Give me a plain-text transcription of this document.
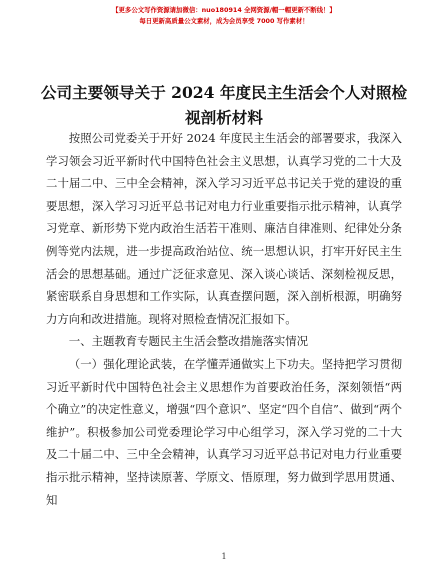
【更多公文写作资源请加微信：nuo180914 全网资源/帽一帽更新不断线！】
每日更新高质量公文素材，成为会员享受 7000 写作素材！
公司主要领导关于 2024 年度民主生活会个人对照检视剖析材料

按照公司党委关于开好 2024 年度民主生活会的部署要求，我深入学习领会习近平新时代中国特色社会主义思想，认真学习党的二十大及二十届二中、三中全会精神，深入学习习近平总书记关于党的建设的重要思想，深入学习习近平总书记对电力行业重要指示批示精神，认真学习党章、新形势下党内政治生活若干准则、廉洁自律准则、纪律处分条例等党内法规，进一步提高政治站位、统一思想认识，打牢开好民主生活会的思想基础。通过广泛征求意见、深入谈心谈话、深刻检视反思，紧密联系自身思想和工作实际，认真查摆问题，深入剖析根源，明确努力方向和改进措施。现将对照检查情况汇报如下。

一、主题教育专题民主生活会整改措施落实情况

（一）强化理论武装，在学懂弄通做实上下功夫。坚持把学习贯彻习近平新时代中国特色社会主义思想作为首要政治任务，深刻领悟“两个确立”的决定性意义，增强“四个意识”、坚定“四个自信”、做到“两个维护”。积极参加公司党委理论学习中心组学习，深入学习党的二十大及二十届二中、三中全会精神，认真学习习近平总书记对电力行业重要指示批示精神，坚持读原著、学原文、悟原理，努力做到学思用贯通、知

1
